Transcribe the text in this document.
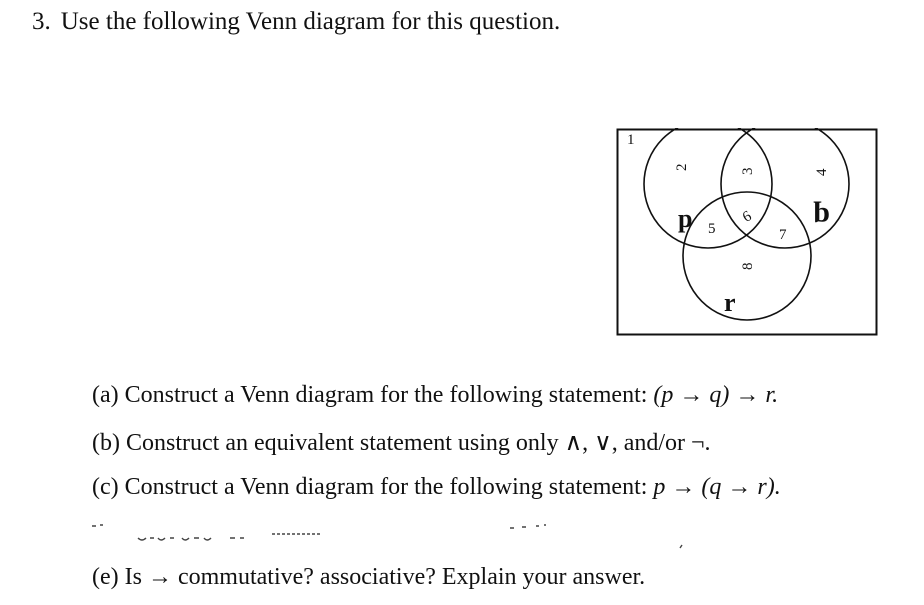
3. Use the following Venn diagram for this question.
1
2
3	4
5
6
7
8
p	q
r
(a) Construct a Venn diagram for the following statement: (p → q) → r.
(b) Construct an equivalent statement using only ∧, ∨, and/or ¬.
(c) Construct a Venn diagram for the following statement: p → (q → r).
(e) Is → commutative? associative? Explain your answer.
